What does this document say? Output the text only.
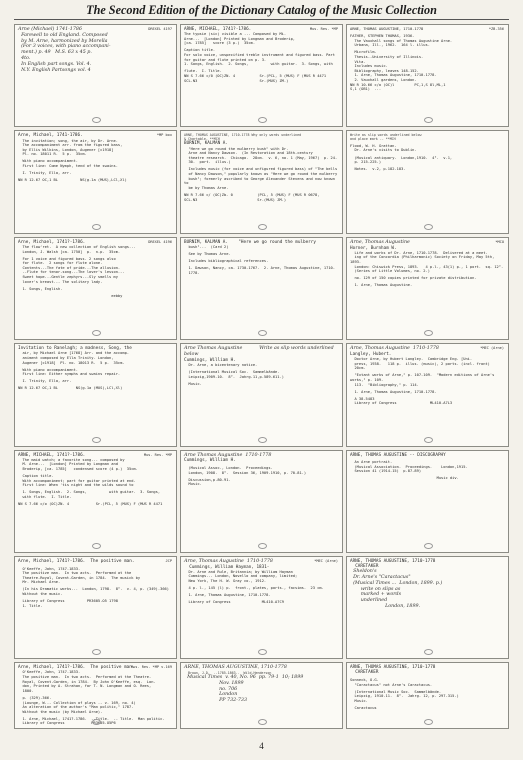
The Second Edition of the Dictionary Catalog of the Music Collection
DREXEL 4197
Arne (Michael) 1741-1786
Farewell to old England. Composed
by M. Arne, harmonized by Morella
(For 3 voices, with piano accompani-
ment.) p. 49   M.S. 63 x 45 p.
4to.
In English part songs. Vol. 4.
N.Y. English Partsongs vol. 4
Mus. Res. *MP
ARNE, MICHAEL, 1741?-1786.
The typsie (sic) visible a ... Composed by Mi.
Arne...  [London] Printed by Longman and Broderip,
[ca. 1785]   score (3 p.)  35cm.
Caption title.
For solo voice, unspecified treble instrument and figured bass. Part
for guitar and flute printed on p. 3.
1. Songs, English.  2. Songs,          with guitar.  3. Songs, with
flute.  I. Title.
NN S 7.66 c/0 (OC)ZN- 4           Sr.(PCL, 5 (MUS) F (MUS R 4471
SCL.N3                            Sr.(MUS) ZM.)
*ZB-356
ARNE, THOMAS AUGUSTINE, 1710-1778
FATHER, STEPHEN THOMAS, 1936-
The Vauxhall songs of Thomas Augustine Arne.
Urbana, Ill., 1962.  164 l. illus.
Microfilm.
Thesis--University of Illinois.
Vita.
Includes music.
Bibliography, leaves 148-152.
1. Arne, Thomas Augustine, 1710-1778.
2. Vauxhall gardens, London.
NN R 10.66 c/o (OC)l         PC,1,S 8l,ML,1
S,1 (OB1)  ...
*MP box
Arne, Michael, 1741-1786.
The invitation; song, the air, by Dr. Arne.
The accompaniment arr. from the figured bass,
by Ellis Wilkins, London, Augener [c1918]
Pl. no. 18011 R.  5 p.  35cm.
With piano accompaniment.
First line: Come Nymph, tend of the swains.
I. Trinity, Ella, arr.
NN R 12.67 OC,1 BL          NS(g.1a (MUS),LCl,Xl)
ARNE, THOMAS AUGUSTINE, 1710-1778 Why only words underlined
& Chartable- **MCH
BURNIM, KALMAN A.
"Here we go round the mulberry bush" with Dr.
Arne and Nancy Dawson.  (In Restoration and 18th-century
theatre research.  Chicago.  28cm.  v. 6, no. 1 (May, 1967)  p. 24-
30.  port.  illus.)
Includes music (for voice and unfigured figured bass) of "The bells
of Nancy Dawson," popularly known as "Here we go round the mulberry
bush"; formerly ascribed to George Alexander Stevens and now known to
be by Thomas Arne.
NN R 7.66 c/ (OC)Zb- 0           (PCL, 5 (MUS) F (MUS R 0678,
SCL.N3                           Sr.(MUS) ZM.)
Write as slip words underlined below
and place mark -- **MCH
Flood, W. H. Grattan.
Dr. Arne's visits to Dublin.
(Musical antiquary.  London,1910.  4°.  v.1,
p. 215-225.)
Notes.  v.2, p.182-183.
DREXEL 4196
Arne, Michael, 1741?-1786.
The flow'ret.  A new collection of English songs...
London, J. Walsh [ca. 1750]  p.  n.p.  35cm.
For 1 voice and figured bass. 2 songs also
for flute.  2 songs for flute alone.
Contents.--The fate of pride.--The allusion.
--Flute for tenor-song.--The lover's lesson.--
Sweet hope.--Gentle zephyrs.--Sly smells my
lover's breast.-- The solitary lady.
1. Songs, English.
eebby
BURNIM, KALMAN A.    "Here we go round the mulberry
bush"...  (Card 2)
See by Thomas Arne.
Includes bibliographical references.
1. Dawson, Nancy, ca. 1730-1767.  2. Arne, Thomas Augustine, 1710-
1778.
*MCO
Arne, Thomas Augustine
Horner, Burnham W.
Life and works of Dr. Arne, 1710-1778.  Delivered at a meet-
ing of the Concordia (Philharmonic) Society on Friday, May 5th, 1893.
London: Chiswick Press, 1893.   4 p.l., 43(1) p., 1 port.  sq. 12°.
(Series of Little Volumes, no. 2.)
no. 129 of 150 copies printed for private distribution.
1. Arne, Thomas Augustine.
Invitation to Ranelagh; a madness, Song, the
air, by Michael Arne [1768] Arr. and the accomp-
animent composed by Ella Trinity. London,
Augener [c1918]  Pl. no. 18013 R.  5 p.  35cm.
With piano accompaniment.
First line: Either nymphs and swains repair.
I. Trinity, Ella, arr.
NN R 12.67 OC,1 BL        NS(g.1a (MUS),LCl,Xl)
Arne Thomas Augustine           Write as slip words underlined below
Cummings, William H.
Dr. Arne, a bicentenary notice.
(International Musical Soc.  Sammelbände.
Leipzig,1909-10.  8°.  Jahrg.11,p.589-611.)
Music.
*MEC (Arne)
Arne, Thomas Augustine  1710-1778
Langley, Hubert.
Doctor Arne, by Hubert Langley.  Cambridge Eng. [Uni-
press, 1938.   118 p.  illus. (music), 2 ports. (incl. front)
20cm.
"Extant works of Arne," p. 107-109.  "Modern editions of Arne's works," p. 109-
113.  "Bibliography," p. 114.
1. Arne, Thomas Augustine, 1710-1778.
A 38-5483
Library of Congress               ML410.A7L3
Mus. Res. *MP
ARNE, MICHAEL, 1741?-1786.
The maid watch; a favorite song... composed by
M. Arne...  [London] Printed by Longman and
Broderip, [ca. 1785]   condensed score (4 p.)  35cm.
Caption title.
With accompaniment; part for guitar printed at end.
First line: When 'tis night and the wilds sound to
1. Songs, English.  2. Songs,          with guitar.  3. Songs,
with flute.  I. Title.
NN S 7.66 c/o (OC)ZN- 4            Sr.(PCL, 5 (MUS) F (MUS R 4471
Arne Thomas Augustine  1710-1778
Cummings, William H.
(Musical Assoc., London.  Proceedings.
London, 1908.  8°.  Session 36, 1909-1910, p. 70-81.)
Discussion,p.80-91.
Music.
ARNE, THOMAS AUGUSTINE -- DISCOGRAPHY
An Arne portrait.
(Musical Association.  Proceedings.    London,1915.
Session 41 (1914-15)  p.87-89)
Music div.
JCP
Arne, Michael, 1741?-1786.  The positive man.
O'Keeffe, John, 1747-1833.
The positive man.  In two acts.  Performed at the
Theatre-Royal, Covent-Garden, in 1784.  The musick by
Mr. Michael Arne.
(In his Dramatic works...  London, 1798.  8°.  v. 4, p. (349)-366)
Without the music.
Library of Congress          PR3605.O5 1798
1. Title.
*MEC (Arne)
Arne, Thomas Augustine  1710-1778
Cummings, William Hayman, 1831-
Dr. Arne and Rule, Britannia; by William Hayman
Cummings... London, Novello and company, limited;
New York, The H. W. Gray co., 1912.
4 p. l., 145 (l) p.  front., plates, ports., facsims.  23 cm.
1. Arne, Thomas Augustine, 1710-1778.
Library of Congress              ML410.A7C9
ARNE, THOMAS AUGUSTINE, 1710-1778
CARETAKER
Sheldon's
Dr. Arne's "Caractacus"
(Musical Times ...  London, 1899. p.)
write on slips as
marked + words
underlined
London, 1899.
Mus. Res. *MP v.169
Arne, Michael, 1741?-1786.  The positive man.
O'Keeffe, John, 1747-1833.
The positive man.  In two acts.  Performed at the Theatre-
Royal, Covent-Garden, in 1784.  By John O'Keeffe, esq.  Lon-
don, Printed by A. Strahan, for T. N. Longman and O. Rees,
1800.
p. (329)-366.
(Lounge, W.-- Collection of plays -- v. 169, no. 4)
An alteration of the author's "Man politic," 1787.
Without the music (by Michael Arne).
1. Arne, Michael, 1741?-1786.  --Title.  -- Title.  Man politic.
Library of Congress            PR3605.O5P6
ARNE, THOMAS AUGUSTINE, 1710-1778
Brown, J.D.  ..1785-1863..  Wild-Henderson
Musical Times  v. 40, No. 96  pp. 79-1  10; 1899
Nov. 1899
no. 706
London
PP 732-733
ARNE, THOMAS AUGUSTINE, 1710-1778
CARETAKER
Sonneck, O.G.
"Caractacus" not Arne's Caractacus.
(International Music Soc.  Sammelbände.
Leipzig, 1910-11.  8°.  Jahrg. 12, p. 297-315.)
Music.
Caractacus
4
